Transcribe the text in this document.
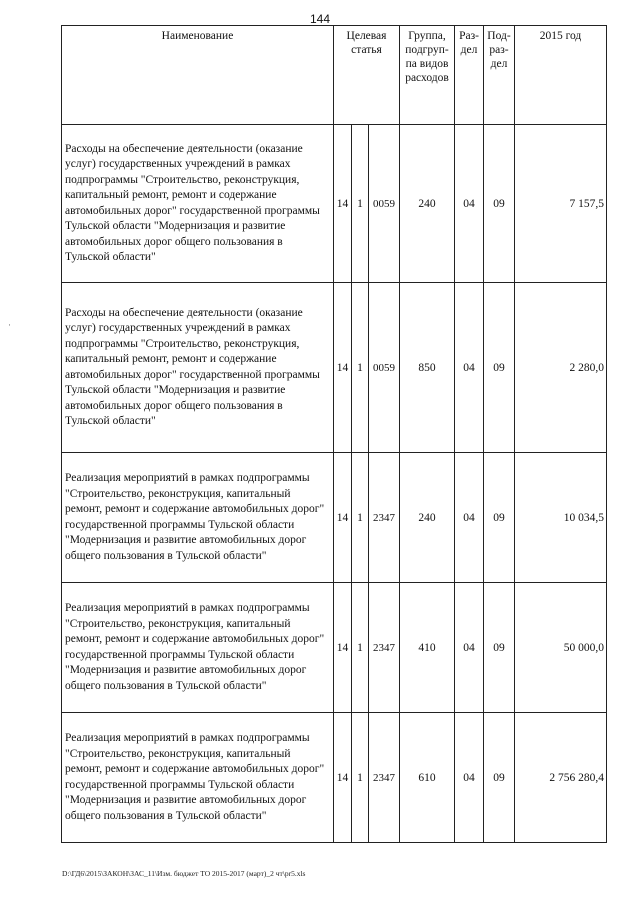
144
Наименование	Целевая статья			Группа, подгруп- па видов расходов	Раз- дел	Под- раз- дел	2015 год
Расходы на обеспечение деятельности (оказание услуг) государственных учреждений в рамках подпрограммы "Строительство, реконструкция, капитальный ремонт, ремонт и содержание автомобильных дорог" государственной программы Тульской области "Модернизация и развитие автомобильных дорог общего пользования в Тульской области"	14	1	0059	240	04	09	7 157,5
Расходы на обеспечение деятельности (оказание услуг) государственных учреждений в рамках подпрограммы "Строительство, реконструкция, капитальный ремонт, ремонт и содержание автомобильных дорог" государственной программы Тульской области "Модернизация и развитие автомобильных дорог общего пользования в Тульской области"	14	1	0059	850	04	09	2 280,0
Реализация мероприятий в рамках подпрограммы "Строительство, реконструкция, капитальный ремонт, ремонт и содержание автомобильных дорог" государственной программы Тульской области "Модернизация и развитие автомобильных дорог общего пользования в Тульской области"	14	1	2347	240	04	09	10 034,5
Реализация мероприятий в рамках подпрограммы "Строительство, реконструкция, капитальный ремонт, ремонт и содержание автомобильных дорог" государственной программы Тульской области "Модернизация и развитие автомобильных дорог общего пользования в Тульской области"	14	1	2347	410	04	09	50 000,0
Реализация мероприятий в рамках подпрограммы "Строительство, реконструкция, капитальный ремонт, ремонт и содержание автомобильных дорог" государственной программы Тульской области "Модернизация и развитие автомобильных дорог общего пользования в Тульской области"	14	1	2347	610	04	09	2 756 280,4
·
D:\ГД6\2015\ЗАКОН\ЗАС_11\Изм. бюджет ТО 2015-2017 (март)_2 чт\pr5.xls
